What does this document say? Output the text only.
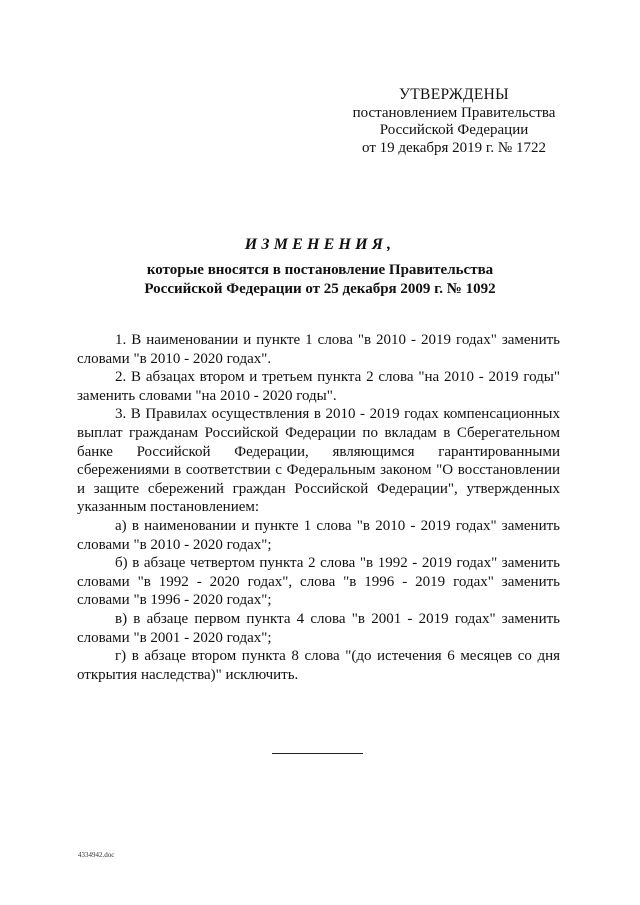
УТВЕРЖДЕНЫ
постановлением Правительства
Российской Федерации
от 19 декабря 2019 г. № 1722
ИЗМЕНЕНИЯ,
которые вносятся в постановление Правительства
Российской Федерации от 25 декабря 2009 г. № 1092

1. В наименовании и пункте 1 слова "в 2010 - 2019 годах" заменить словами "в 2010 - 2020 годах".

2. В абзацах втором и третьем пункта 2 слова "на 2010 - 2019 годы" заменить словами "на 2010 - 2020 годы".

3. В Правилах осуществления в 2010 - 2019 годах компенсационных выплат гражданам Российской Федерации по вкладам в Сберегательном банке Российской Федерации, являющимся гарантированными сбережениями в соответствии с Федеральным законом "О восстановлении и защите сбережений граждан Российской Федерации", утвержденных указанным постановлением:

а) в наименовании и пункте 1 слова "в 2010 - 2019 годах" заменить словами "в 2010 - 2020 годах";

б) в абзаце четвертом пункта 2 слова "в 1992 - 2019 годах" заменить словами "в 1992 - 2020 годах", слова "в 1996 - 2019 годах" заменить словами "в 1996 - 2020 годах";

в) в абзаце первом пункта 4 слова "в 2001 - 2019 годах" заменить словами "в 2001 - 2020 годах";

г) в абзаце втором пункта 8 слова "(до истечения 6 месяцев со дня открытия наследства)" исключить.

4334942.doc
